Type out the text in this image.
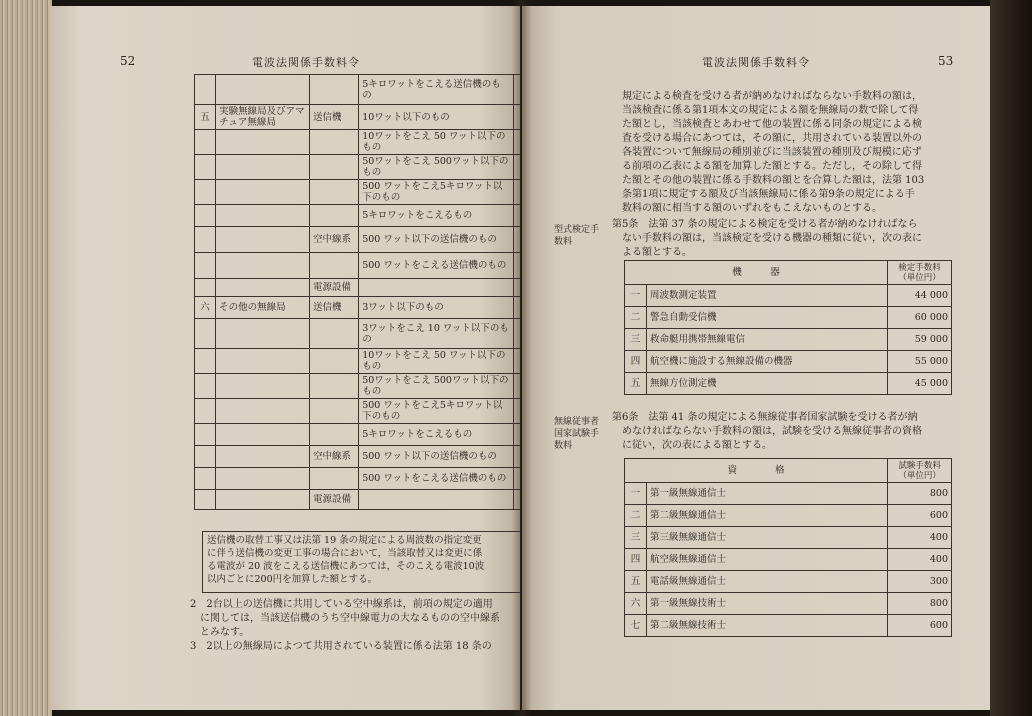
52	電波法関係手数料令
			5キロワットをこえる送信機のもの	
五	実験無線局及びアマチュア無線局	送信機	10ワット以下のもの	
			10ワットをこえ 50 ワット以下のもの	
			50ワットをこえ 500ワット以下のもの	
			500 ワットをこえ5キロワット以下のもの	
			5キロワットをこえるもの	
		空中線系	500 ワット以下の送信機のもの	
			500 ワットをこえる送信機のもの	
		電源設備		
六	その他の無線局	送信機	3ワット以下のもの	
			3ワットをこえ 10 ワット以下のもの	
			10ワットをこえ 50 ワット以下のもの	
			50ワットをこえ 500ワット以下のもの	
			500 ワットをこえ5キロワット以下のもの	
			5キロワットをこえるもの	
		空中線系	500 ワット以下の送信機のもの	
			500 ワットをこえる送信機のもの	
		電源設備		
送信機の取替工事又は法第 19 条の規定による周波数の指定変更
に伴う送信機の変更工事の場合において，当該取替又は変更に係
る電波が 20 波をこえる送信機にあつては，そのこえる電波10波
以内ごとに200円を加算した額とする。
2　2台以上の送信機に共用している空中線系は，前項の規定の適用
に関しては，当該送信機のうち空中線電力の大なるものの空中線系
とみなす。
3　2以上の無線局によつて共用されている装置に係る法第 18 条の
電波法関係手数料令	53
規定による検査を受ける者が納めなければならない手数料の額は，
当該検査に係る第1項本文の規定による額を無線局の数で除して得
た額とし，当該検査とあわせて他の装置に係る同条の規定による検
査を受ける場合にあつては，その額に，共用されている装置以外の
各装置について無線局の種別並びに当該装置の種別及び規模に応ず
る前項の乙表による額を加算した額とする。ただし，その除して得
た額とその他の装置に係る手数料の額とを合算した額は，法第 103
条第1項に規定する額及び当該無線局に係る第9条の規定による手
数料の額に相当する額のいずれをもこえないものとする。
型式検定手
数料
第5条　法第 37 条の規定による検定を受ける者が納めなければなら
ない手数料の額は，当該検定を受ける機器の種類に従い，次の表に
よる額とする。
機　　　器		検定手数料（単位円）
一	周波数測定装置	44 000
二	警急自動受信機	60 000
三	救命艇用携帯無線電信	59 000
四	航空機に施設する無線設備の機器	55 000
五	無線方位測定機	45 000
無線従事者
国家試験手
数料
第6条　法第 41 条の規定による無線従事者国家試験を受ける者が納
めなければならない手数料の額は，試験を受ける無線従事者の資格
に従い，次の表による額とする。
資　　　　格		試験手数料（単位円）
一	第一級無線通信士	800
二	第二級無線通信士	600
三	第三級無線通信士	400
四	航空級無線通信士	400
五	電話級無線通信士	300
六	第一級無線技術士	800
七	第二級無線技術士	600
